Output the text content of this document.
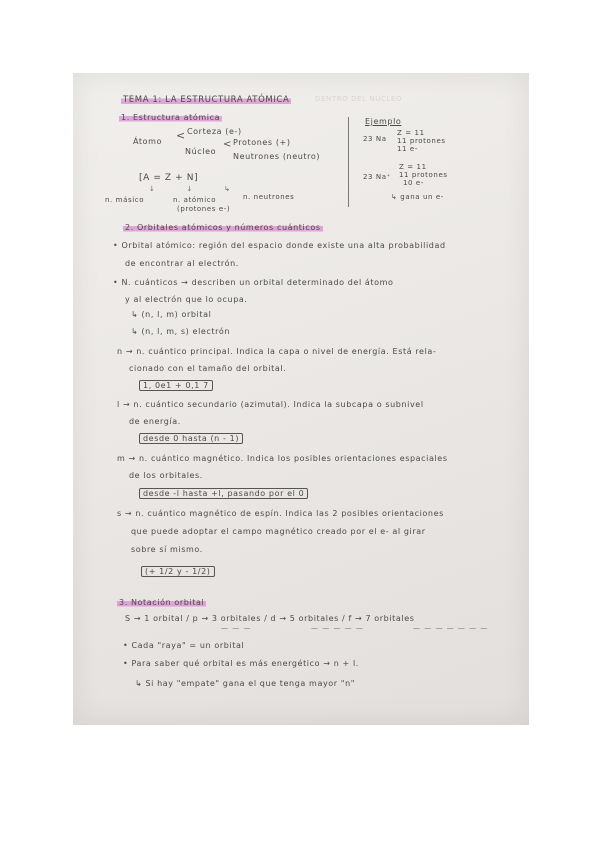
TEMA 1: LA ESTRUCTURA ATÓMICA	DENTRO DEL NÚCLEO
1. Estructura atómica
Átomo < Corteza (e-)
Núcleo
< Protones (+)
Neutrones (neutro)
[A = Z + N]
↓           ↓           ↳
n. másico	n. atómico
(protones e-)
n. neutrones
Ejemplo
23 Na
Z = 11
11 protones
11 e-
23 Na⁺
Z = 11
11 protones
10 e-
↳ gana un e-
2. Orbitales atómicos y números cuánticos
• Orbital atómico: región del espacio donde existe una alta probabilidad
de encontrar al electrón.
• N. cuánticos → describen un orbital determinado del átomo
y al electrón que lo ocupa.
↳ (n, l, m) orbital
↳ (n, l, m, s) electrón
n → n. cuántico principal. Indica la capa o nivel de energía. Está rela-
cionado con el tamaño del orbital.
1, 0e1 + 0,1 7
l → n. cuántico secundario (azimutal). Indica la subcapa o subnivel
de energía.
desde 0 hasta (n - 1)
m → n. cuántico magnético. Indica los posibles orientaciones espaciales
de los orbitales.
desde -l hasta +l, pasando por el 0
s → n. cuántico magnético de espín. Indica las 2 posibles orientaciones
que puede adoptar el campo magnético creado por el e- al girar
sobre sí mismo.
(+ 1/2 y - 1/2)
3. Notación orbital
S → 1 orbital / p → 3 orbitales / d → 5 orbitales / f → 7 orbitales
— — —	— — — — —	— — — — — — —
• Cada "raya" = un orbital
• Para saber qué orbital es más energético → n + l.
↳ Si hay "empate" gana el que tenga mayor "n"
